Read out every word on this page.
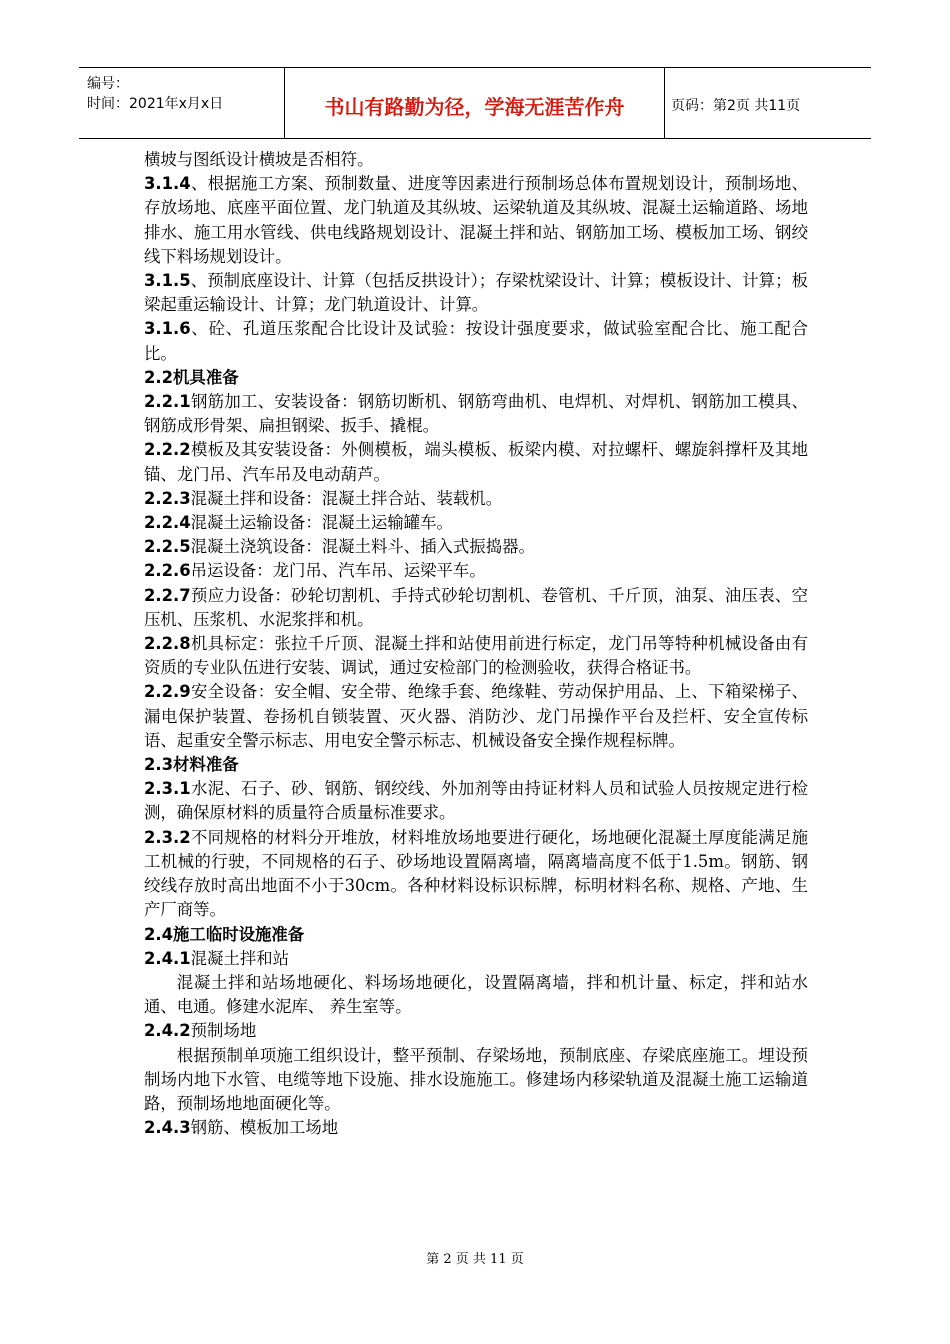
编号：
时间：2021年x月x日	书山有路勤为径，学海无涯苦作舟	页码：第2页 共11页

横坡与图纸设计横坡是否相符。

3.1.4、根据施工方案、预制数量、进度等因素进行预制场总体布置规划设计，预制场地、存放场地、底座平面位置、龙门轨道及其纵坡、运梁轨道及其纵坡、混凝土运输道路、场地排水、施工用水管线、供电线路规划设计、混凝土拌和站、钢筋加工场、模板加工场、钢绞线下料场规划设计。

3.1.5、预制底座设计、计算（包括反拱设计）；存梁枕梁设计、计算；模板设计、计算；板梁起重运输设计、计算；龙门轨道设计、计算。

3.1.6、砼、孔道压浆配合比设计及试验：按设计强度要求，做试验室配合比、施工配合比。

2.2机具准备

2.2.1钢筋加工、安装设备：钢筋切断机、钢筋弯曲机、电焊机、对焊机、钢筋加工模具、钢筋成形骨架、扁担钢梁、扳手、撬棍。

2.2.2模板及其安装设备：外侧模板，端头模板、板梁内模、对拉螺杆、螺旋斜撑杆及其地锚、龙门吊、汽车吊及电动葫芦。

2.2.3混凝土拌和设备：混凝土拌合站、装载机。

2.2.4混凝土运输设备：混凝土运输罐车。

2.2.5混凝土浇筑设备：混凝土料斗、插入式振捣器。

2.2.6吊运设备：龙门吊、汽车吊、运梁平车。

2.2.7预应力设备：砂轮切割机、手持式砂轮切割机、卷管机、千斤顶，油泵、油压表、空压机、压浆机、水泥浆拌和机。

2.2.8机具标定：张拉千斤顶、混凝土拌和站使用前进行标定，龙门吊等特种机械设备由有资质的专业队伍进行安装、调试，通过安检部门的检测验收，获得合格证书。

2.2.9安全设备：安全帽、安全带、绝缘手套、绝缘鞋、劳动保护用品、上、下箱梁梯子、漏电保护装置、卷扬机自锁装置、灭火器、消防沙、龙门吊操作平台及拦杆、安全宣传标语、起重安全警示标志、用电安全警示标志、机械设备安全操作规程标牌。

2.3材料准备

2.3.1水泥、石子、砂、钢筋、钢绞线、外加剂等由持证材料人员和试验人员按规定进行检测，确保原材料的质量符合质量标准要求。

2.3.2不同规格的材料分开堆放，材料堆放场地要进行硬化，场地硬化混凝土厚度能满足施工机械的行驶，不同规格的石子、砂场地设置隔离墙，隔离墙高度不低于1.5m。钢筋、钢绞线存放时高出地面不小于30cm。各种材料设标识标牌，标明材料名称、规格、产地、生产厂商等。

2.4施工临时设施准备

2.4.1混凝土拌和站

混凝土拌和站场地硬化、料场场地硬化，设置隔离墙，拌和机计量、标定，拌和站水通、电通。修建水泥库、 养生室等。

2.4.2预制场地

根据预制单项施工组织设计，整平预制、存梁场地，预制底座、存梁底座施工。埋设预制场内地下水管、电缆等地下设施、排水设施施工。修建场内移梁轨道及混凝土施工运输道路，预制场地地面硬化等。

2.4.3钢筋、模板加工场地

第 2 页 共 11 页
